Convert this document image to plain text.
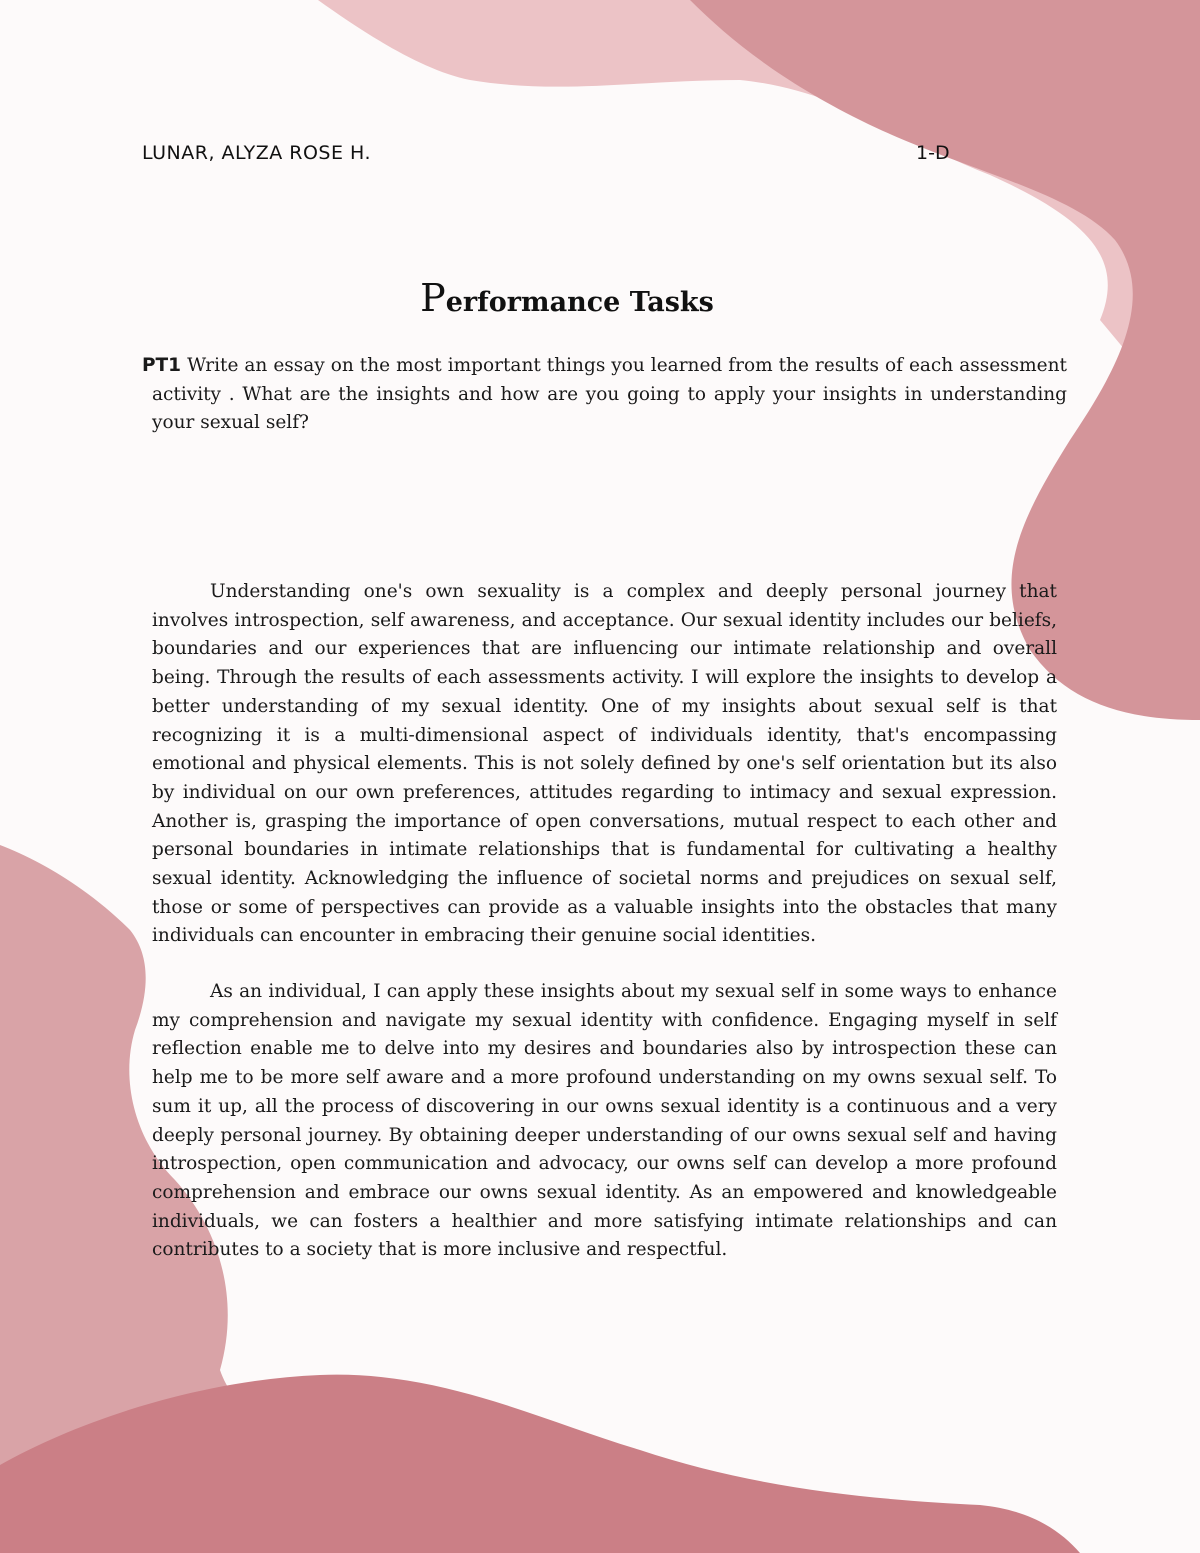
LUNAR, ALYZA ROSE H.	1-D
Performance Tasks
PT1 Write an essay on the most important things you learned from the results of each assessment activity . What are the insights and how are you going to apply your insights in understanding your sexual self?

Understanding one's own sexuality is a complex and deeply personal journey that involves introspection, self awareness, and acceptance. Our sexual identity includes our beliefs, boundaries and our experiences that are influencing our intimate relationship and overall being. Through the results of each assessments activity. I will explore the insights to develop a better understanding of my sexual identity. One of my insights about sexual self is that recognizing it is a multi-dimensional aspect of individuals identity, that's encompassing emotional and physical elements. This is not solely defined by one's self orientation but its also by individual on our own preferences, attitudes regarding to intimacy and sexual expression. Another is, grasping the importance of open conversations, mutual respect to each other and personal boundaries in intimate relationships that is fundamental for cultivating a healthy sexual identity. Acknowledging the influence of societal norms and prejudices on sexual self, those or some of perspectives can provide as a valuable insights into the obstacles that many individuals can encounter in embracing their genuine social identities.

As an individual, I can apply these insights about my sexual self in some ways to enhance my comprehension and navigate my sexual identity with confidence. Engaging myself in self reflection enable me to delve into my desires and boundaries also by introspection these can help me to be more self aware and a more profound understanding on my owns sexual self. To sum it up, all the process of discovering in our owns sexual identity is a continuous and a very deeply personal journey. By obtaining deeper understanding of our owns sexual self and having introspection, open communication and advocacy, our owns self can develop a more profound comprehension and embrace our owns sexual identity. As an empowered and knowledgeable individuals, we can fosters a healthier and more satisfying intimate relationships and can contributes to a society that is more inclusive and respectful.
